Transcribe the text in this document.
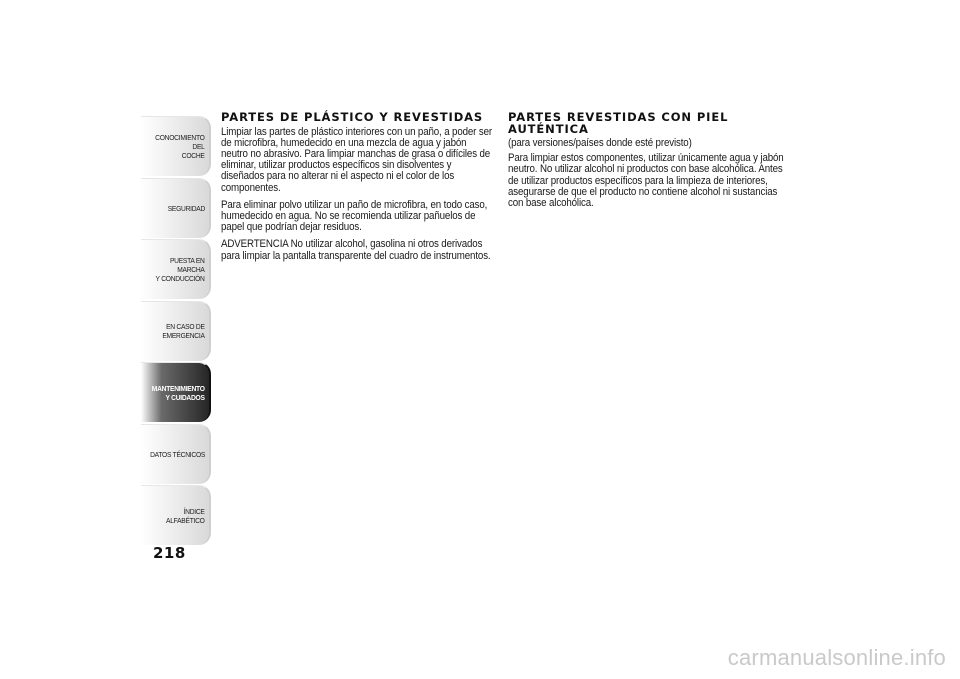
CONOCIMIENTO DEL
COCHE
SEGURIDAD
PUESTA EN MARCHA
Y CONDUCCIÓN
EN CASO DE
EMERGENCIA
MANTENIMIENTO
Y CUIDADOS
DATOS TÉCNICOS
ÍNDICE ALFABÉTICO
218
PARTES DE PLÁSTICO Y REVESTIDAS

Limpiar las partes de plástico interiores con un paño, a poder ser de microfibra, humedecido en una mezcla de agua y jabón neutro no abrasivo. Para limpiar manchas de grasa o difíciles de eliminar, utilizar productos específicos sin disolventes y diseñados para no alterar ni el aspecto ni el color de los componentes.

Para eliminar polvo utilizar un paño de microfibra, en todo caso, humedecido en agua. No se recomienda utilizar pañuelos de papel que podrían dejar residuos.

ADVERTENCIA No utilizar alcohol, gasolina ni otros derivados para limpiar la pantalla transparente del cuadro de instrumentos.

PARTES REVESTIDAS CON PIEL AUTÉNTICA

(para versiones/países donde esté previsto)

Para limpiar estos componentes, utilizar únicamente agua y jabón neutro. No utilizar alcohol ni productos con base alcohólica. Antes de utilizar productos específicos para la limpieza de interiores, asegurarse de que el producto no contiene alcohol ni sustancias con base alcohólica.

carmanualsonline.info
